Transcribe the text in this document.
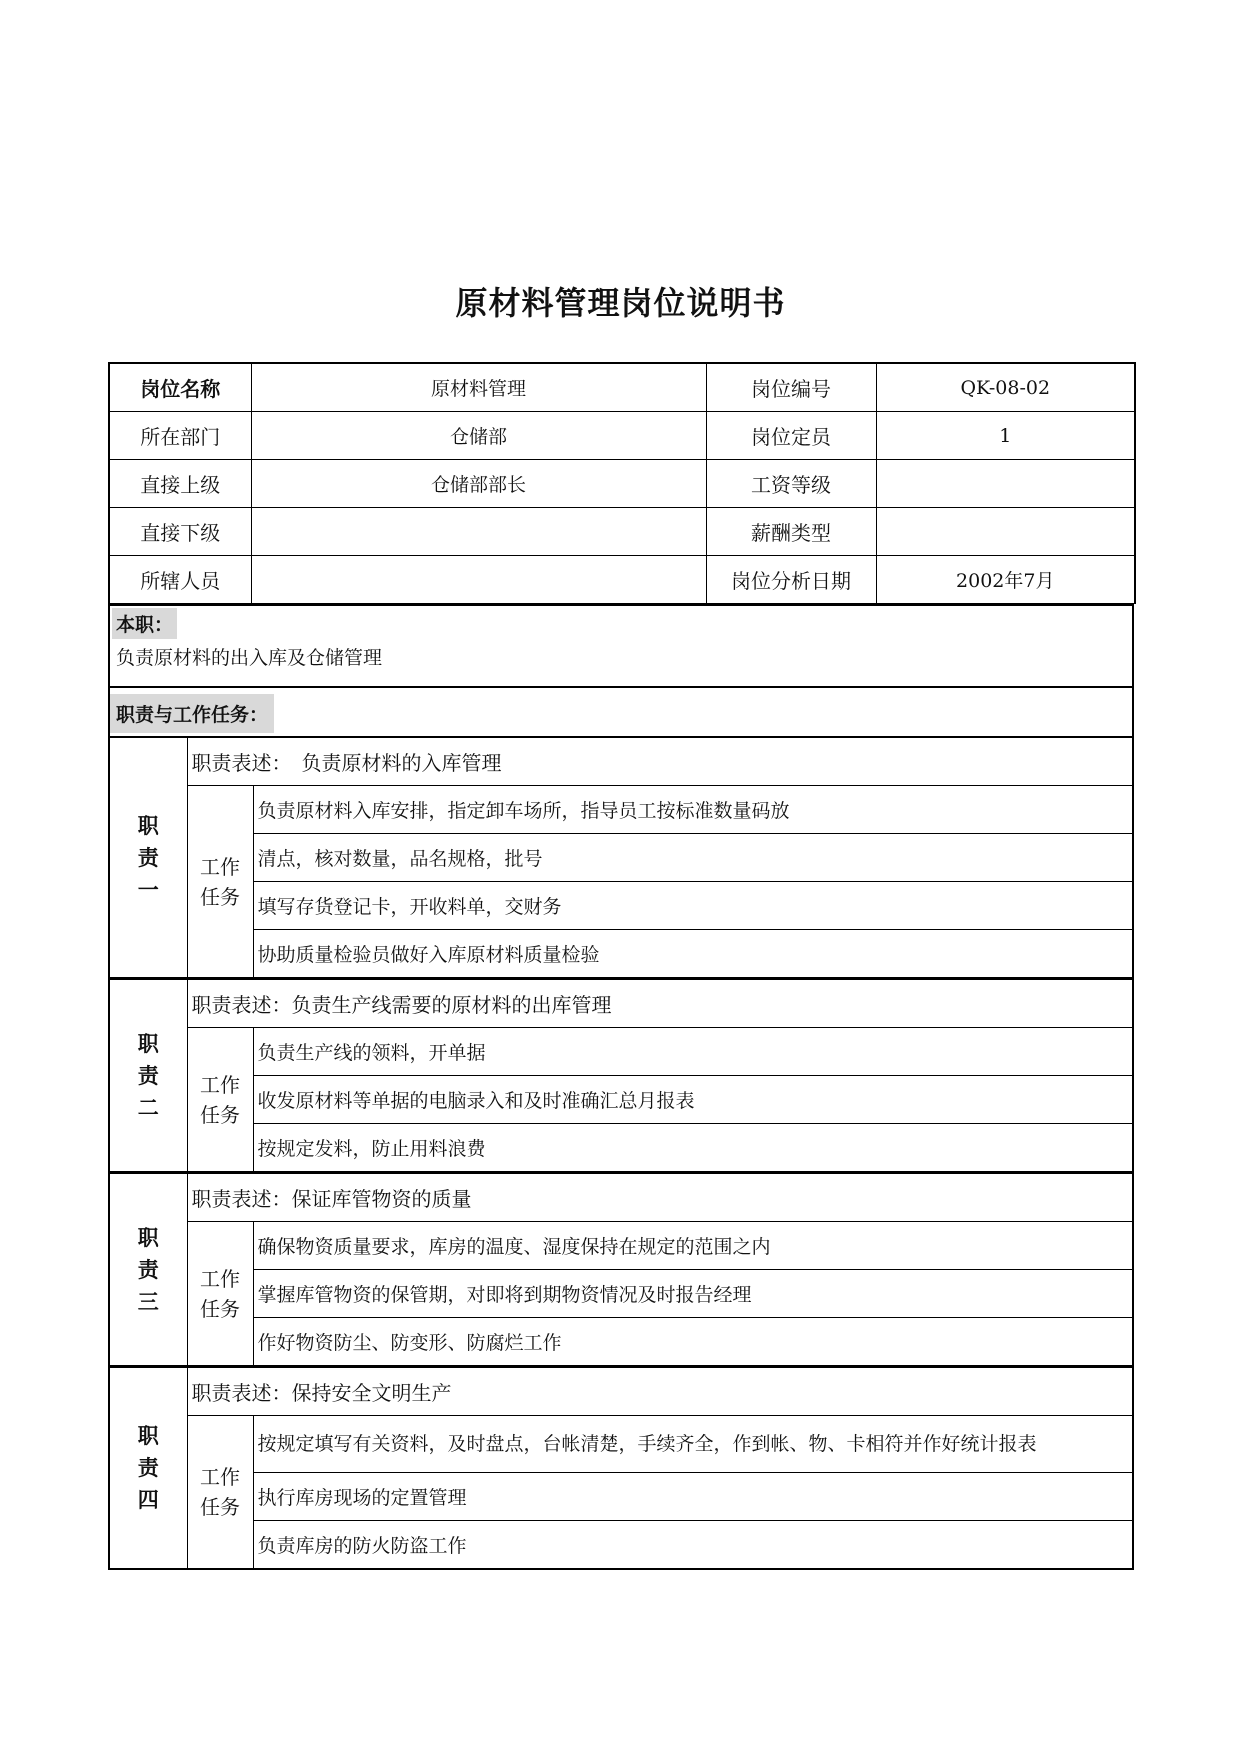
原材料管理岗位说明书
岗位名称	原材料管理	岗位编号	QK-08-02
所在部门	仓储部	岗位定员	1
直接上级	仓储部部长	工资等级	
直接下级		薪酬类型	
所辖人员		岗位分析日期	2002年7月
本职：
负责原材料的出入库及仓储管理
职责与工作任务：
职
责
一	职责表述：　负责原材料的入库管理	
	工作任务	负责原材料入库安排，指定卸车场所，指导员工按标准数量码放
		清点，核对数量，品名规格，批号
		填写存货登记卡，开收料单，交财务
		协助质量检验员做好入库原材料质量检验
职
责
二	职责表述：负责生产线需要的原材料的出库管理	
	工作任务	负责生产线的领料，开单据
		收发原材料等单据的电脑录入和及时准确汇总月报表
		按规定发料，防止用料浪费
职
责
三	职责表述：保证库管物资的质量	
	工作任务	确保物资质量要求，库房的温度、湿度保持在规定的范围之内
		掌握库管物资的保管期，对即将到期物资情况及时报告经理
		作好物资防尘、防变形、防腐烂工作
职
责
四	职责表述：保持安全文明生产	
	工作任务	按规定填写有关资料，及时盘点，台帐清楚，手续齐全，作到帐、物、卡相符并作好统计报表
		执行库房现场的定置管理
		负责库房的防火防盗工作
